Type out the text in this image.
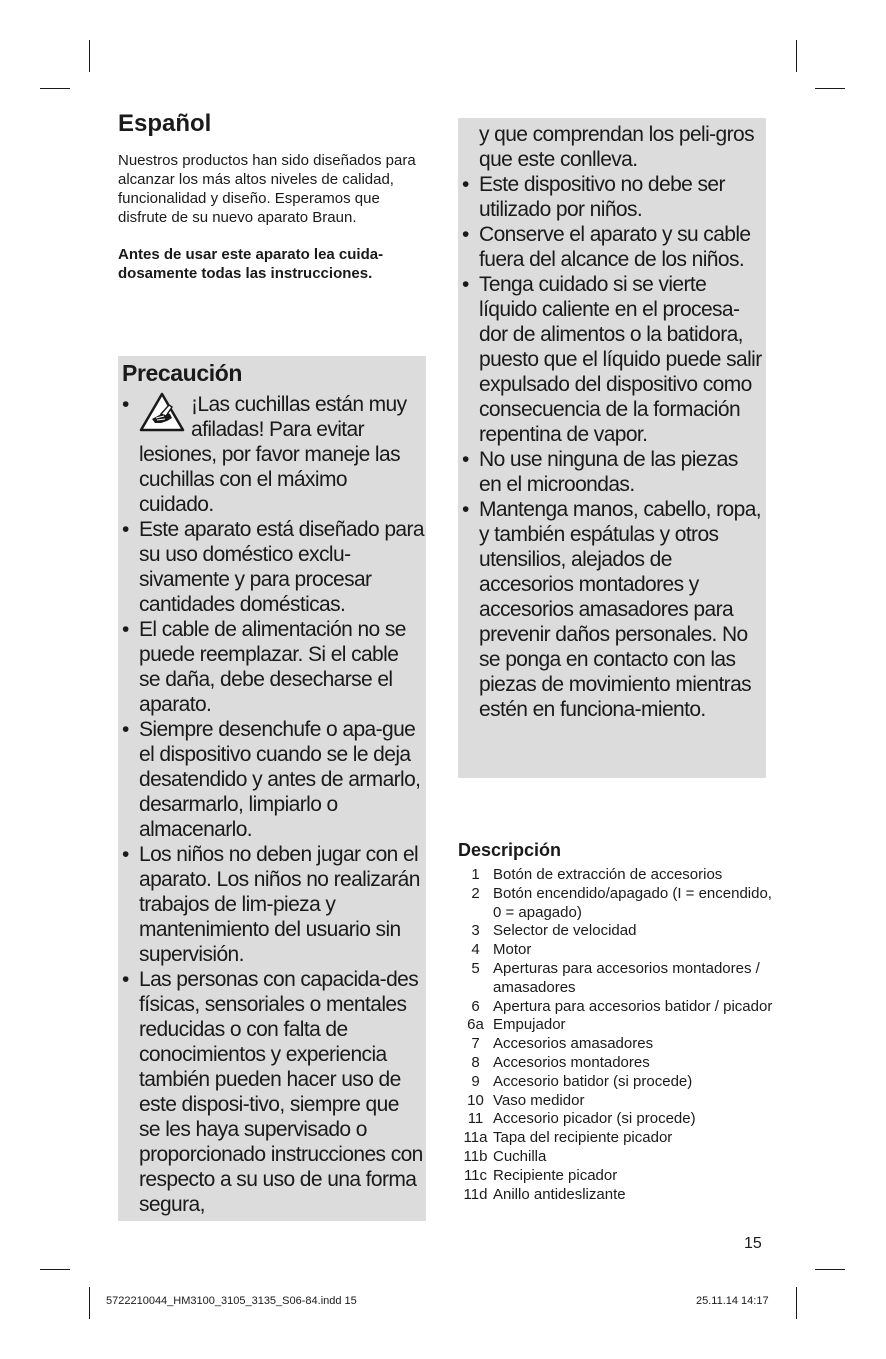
Español

Nuestros productos han sido diseñados para alcanzar los más altos niveles de calidad, funcionalidad y diseño. Esperamos que disfrute de su nuevo aparato Braun.

Antes de usar este aparato lea cuida-dosamente todas las instrucciones.

Precaución
• ¡Las cuchillas están muy afiladas! Para evitar lesiones, por favor maneje las cuchillas con el máximo cuidado.
• Este aparato está diseñado para su uso doméstico exclu-sivamente y para procesar cantidades domésticas.
• El cable de alimentación no se puede reemplazar. Si el cable se daña, debe desecharse el aparato.
• Siempre desenchufe o apa-gue el dispositivo cuando se le deja desatendido y antes de armarlo, desarmarlo, limpiarlo o almacenarlo.
• Los niños no deben jugar con el aparato. Los niños no realizarán trabajos de lim-pieza y mantenimiento del usuario sin supervisión.
• Las personas con capacida-des físicas, sensoriales o mentales reducidas o con falta de conocimientos y experiencia también pueden hacer uso de este disposi-tivo, siempre que se les haya supervisado o proporcionado instrucciones con respecto a su uso de una forma segura,
y que comprendan los peli-gros que este conlleva.
• Este dispositivo no debe ser utilizado por niños.
• Conserve el aparato y su cable fuera del alcance de los niños.
• Tenga cuidado si se vierte líquido caliente en el procesa-dor de alimentos o la batidora, puesto que el líquido puede salir expulsado del dispositivo como consecuencia de la formación repentina de vapor.
• No use ninguna de las piezas en el microondas.
• Mantenga manos, cabello, ropa, y también espátulas y otros utensilios, alejados de accesorios montadores y accesorios amasadores para prevenir daños personales. No se ponga en contacto con las piezas de movimiento mientras estén en funciona-miento.
Descripción
1 Botón de extracción de accesorios
2 Botón encendido/apagado (I = encendido, 0 = apagado)
3 Selector de velocidad
4 Motor
5 Aperturas para accesorios montadores / amasadores
6 Apertura para accesorios batidor / picador
6a Empujador
7 Accesorios amasadores
8 Accesorios montadores
9 Accesorio batidor (si procede)
10 Vaso medidor
11 Accesorio picador (si procede)
11a Tapa del recipiente picador
11b Cuchilla
11c Recipiente picador
11d Anillo antideslizante
15
5722210044_HM3100_3105_3135_S06-84.indd 15	25.11.14 14:17
